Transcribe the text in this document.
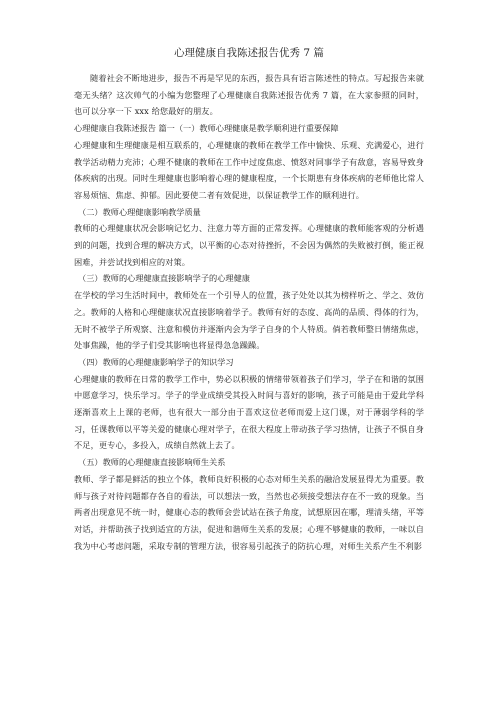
心理健康自我陈述报告优秀 7 篇

随着社会不断地进步，报告不再是罕见的东西，报告具有语言陈述性的特点。写起报告来就毫无头绪？这次帅气的小编为您整理了心理健康自我陈述报告优秀 7 篇，在大家参照的同时，也可以分享一下 xxx 给您最好的朋友。

心理健康自我陈述报告 篇一（一）教师心理健康是教学顺利进行重要保障

心理健康和生理健康是相互联系的，心理健康的教师在教学工作中愉快、乐观、充满爱心，进行教学活动精力充沛；心理不健康的教师在工作中过度焦虑、愤怒对同事学子有敌意，容易导致身体疾病的出现。同时生理健康也影响着心理的健康程度，一个长期患有身体疾病的老师他比常人容易烦恼、焦虑、抑郁。因此要使二者有效促进，以保证教学工作的顺利进行。

（二）教师心理健康影响教学质量

教师的心理健康状况会影响记忆力、注意力等方面的正常发挥。心理健康的教师能客观的分析遇到的问题，找到合理的解决方式，以平衡的心态对待挫折，不会因为偶然的失败被打倒，能正视困难，并尝试找到相应的对策。

（三）教师的心理健康直接影响学子的心理健康

在学校的学习生活时间中，教师处在一个引导人的位置，孩子处处以其为榜样听之、学之、效仿之。教师的人格和心理健康状况直接影响着学子。教师有好的态度、高尚的品质、得体的行为，无时不被学子所观察、注意和模仿并逐渐内会为学子自身的个人特质。倘若教师整日情绪焦虑，处事焦躁，他的学子们受其影响也将显得急急躁躁。

（四）教师的心理健康影响学子的知识学习

心理健康的教师在日常的教学工作中，势必以积极的情绪带领着孩子们学习，学子在和谐的氛围中愿意学习，快乐学习。学子的学业成绩受其投入时间与喜好的影响，孩子可能是由于爱此学科逐渐喜欢上上课的老师，也有很大一部分由于喜欢这位老师而爱上这门课，对于薄弱学科的学习，任课教师以平等关爱的健康心理对学子，在很大程度上带动孩子学习热情，让孩子不惧自身不足，更专心，多投入，成绩自然就上去了。

（五）教师的心理健康直接影响师生关系

教师、学子都是鲜活的独立个体，教师良好积极的心态对师生关系的融洽发展显得尤为重要。教师与孩子对待问题都存各自的看法，可以想法一致，当然也必须接受想法存在不一致的现象。当两者出现意见不统一时，健康心态的教师会尝试站在孩子角度，试想原因在哪，理清头绪，平等对话，并帮助孩子找到适宜的方法，促进和谐师生关系的发展；心理不够健康的教师，一味以自我为中心考虑问题，采取专制的管理方法，很容易引起孩子的防抗心理，对师生关系产生不利影
